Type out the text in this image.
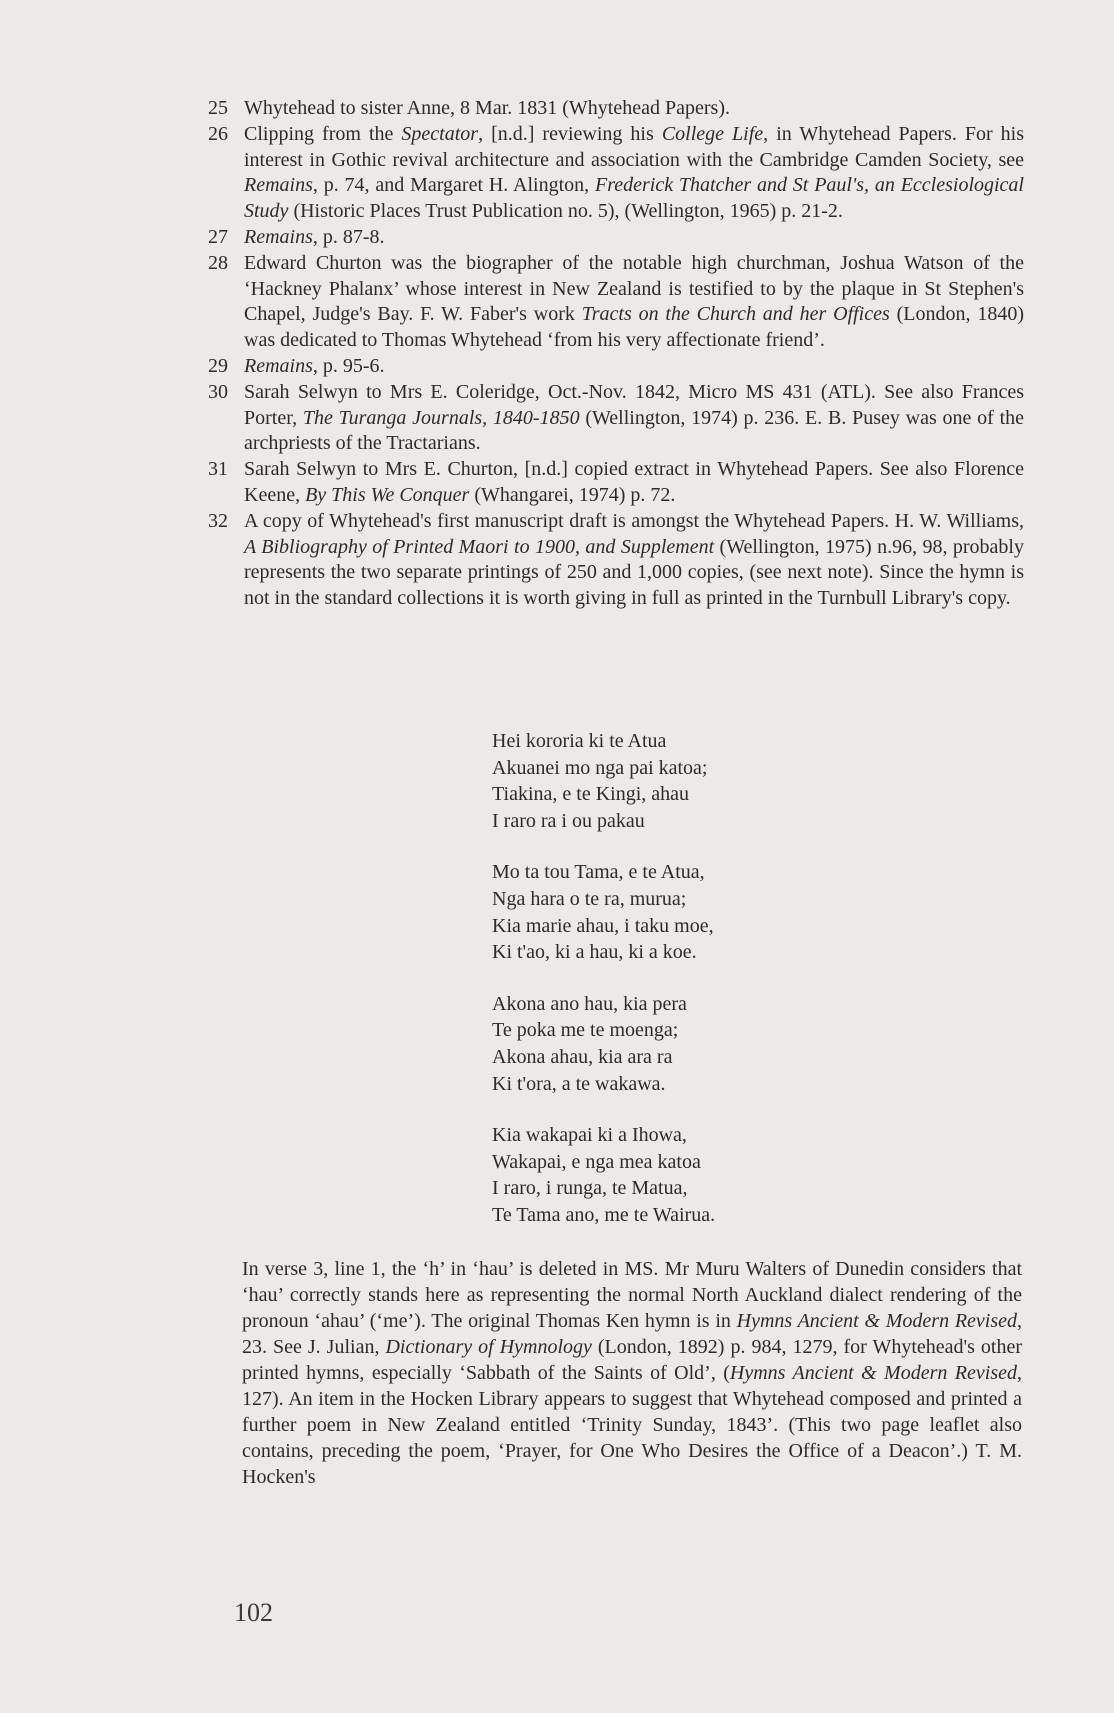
25 Whytehead to sister Anne, 8 Mar. 1831 (Whytehead Papers).
26 Clipping from the Spectator, [n.d.] reviewing his College Life, in Whytehead Papers. For his interest in Gothic revival architecture and association with the Cambridge Camden Society, see Remains, p. 74, and Margaret H. Alington, Frederick Thatcher and St Paul's, an Ecclesiological Study (Historic Places Trust Publication no. 5), (Wellington, 1965) p. 21-2.
27 Remains, p. 87-8.
28 Edward Churton was the biographer of the notable high churchman, Joshua Watson of the ‘Hackney Phalanx’ whose interest in New Zealand is testified to by the plaque in St Stephen's Chapel, Judge's Bay. F. W. Faber's work Tracts on the Church and her Offices (London, 1840) was dedicated to Thomas Whytehead ‘from his very affectionate friend’.
29 Remains, p. 95-6.
30 Sarah Selwyn to Mrs E. Coleridge, Oct.-Nov. 1842, Micro MS 431 (ATL). See also Frances Porter, The Turanga Journals, 1840-1850 (Wellington, 1974) p. 236. E. B. Pusey was one of the archpriests of the Tractarians.
31 Sarah Selwyn to Mrs E. Churton, [n.d.] copied extract in Whytehead Papers. See also Florence Keene, By This We Conquer (Whangarei, 1974) p. 72.
32 A copy of Whytehead's first manuscript draft is amongst the Whytehead Papers. H. W. Williams, A Bibliography of Printed Maori to 1900, and Supplement (Wellington, 1975) n.96, 98, probably represents the two separate printings of 250 and 1,000 copies, (see next note). Since the hymn is not in the standard collections it is worth giving in full as printed in the Turnbull Library's copy.
Hei kororia ki te Atua
Akuanei mo nga pai katoa;
Tiakina, e te Kingi, ahau
I raro ra i ou pakau
Mo ta tou Tama, e te Atua,
Nga hara o te ra, murua;
Kia marie ahau, i taku moe,
Ki t'ao, ki a hau, ki a koe.
Akona ano hau, kia pera
Te poka me te moenga;
Akona ahau, kia ara ra
Ki t'ora, a te wakawa.
Kia wakapai ki a Ihowa,
Wakapai, e nga mea katoa
I raro, i runga, te Matua,
Te Tama ano, me te Wairua.
In verse 3, line 1, the ‘h’ in ‘hau’ is deleted in MS. Mr Muru Walters of Dunedin considers that ‘hau’ correctly stands here as representing the normal North Auckland dialect rendering of the pronoun ‘ahau’ (‘me’). The original Thomas Ken hymn is in Hymns Ancient & Modern Revised, 23. See J. Julian, Dictionary of Hymnology (London, 1892) p. 984, 1279, for Whytehead's other printed hymns, especially ‘Sabbath of the Saints of Old’, (Hymns Ancient & Modern Revised, 127). An item in the Hocken Library appears to suggest that Whytehead composed and printed a further poem in New Zealand entitled ‘Trinity Sunday, 1843’. (This two page leaflet also contains, preceding the poem, ‘Prayer, for One Who Desires the Office of a Deacon’.) T. M. Hocken's
102
